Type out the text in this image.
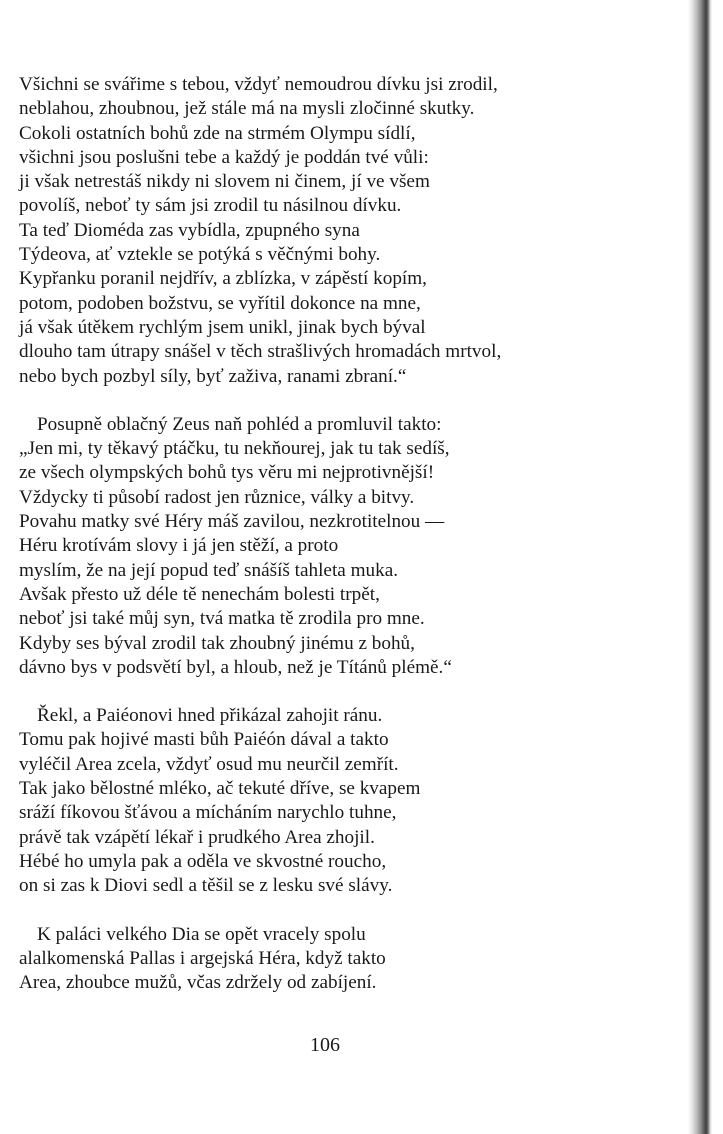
Všichni se svářime s tebou, vždyť nemoudrou dívku jsi zrodil,
neblahou, zhoubnou, jež stále má na mysli zločinné skutky.
Cokoli ostatních bohů zde na strmém Olympu sídlí,
všichni jsou poslušni tebe a každý je poddán tvé vůli:
ji však netrestáš nikdy ni slovem ni činem, jí ve všem
povolíš, neboť ty sám jsi zrodil tu násilnou dívku.
Ta teď Dioméda zas vybídla, zpupného syna
Týdeova, ať vztekle se potýká s věčnými bohy.
Kypřanku poranil nejdřív, a zblízka, v zápěstí kopím,
potom, podoben božstvu, se vyřítil dokonce na mne,
já však útěkem rychlým jsem unikl, jinak bych býval
dlouho tam útrapy snášel v těch strašlivých hromadách mrtvol,
nebo bych pozbyl síly, byť zaživa, ranami zbraní.“

Posupně oblačný Zeus naň pohléd a promluvil takto:
„Jen mi, ty těkavý ptáčku, tu nekňourej, jak tu tak sedíš,
ze všech olympských bohů tys věru mi nejprotivnější!
Vždycky ti působí radost jen různice, války a bitvy.
Povahu matky své Héry máš zavilou, nezkrotitelnou —
Héru krotívám slovy i já jen stěží, a proto
myslím, že na její popud teď snášíš tahleta muka.
Avšak přesto už déle tě nenechám bolesti trpět,
neboť jsi také můj syn, tvá matka tě zrodila pro mne.
Kdyby ses býval zrodil tak zhoubný jinému z bohů,
dávno bys v podsvětí byl, a hloub, než je Títánů plémě.“

Řekl, a Paiéonovi hned přikázal zahojit ránu.
Tomu pak hojivé masti bůh Paiéón dával a takto
vyléčil Area zcela, vždyť osud mu neurčil zemřít.
Tak jako bělostné mléko, ač tekuté dříve, se kvapem
sráží fíkovou šťávou a mícháním narychlo tuhne,
právě tak vzápětí lékař i prudkého Area zhojil.
Hébé ho umyla pak a oděla ve skvostné roucho,
on si zas k Diovi sedl a těšil se z lesku své slávy.

K paláci velkého Dia se opět vracely spolu
alalkomenská Pallas i argejská Héra, když takto
Area, zhoubce mužů, včas zdržely od zabíjení.

106
